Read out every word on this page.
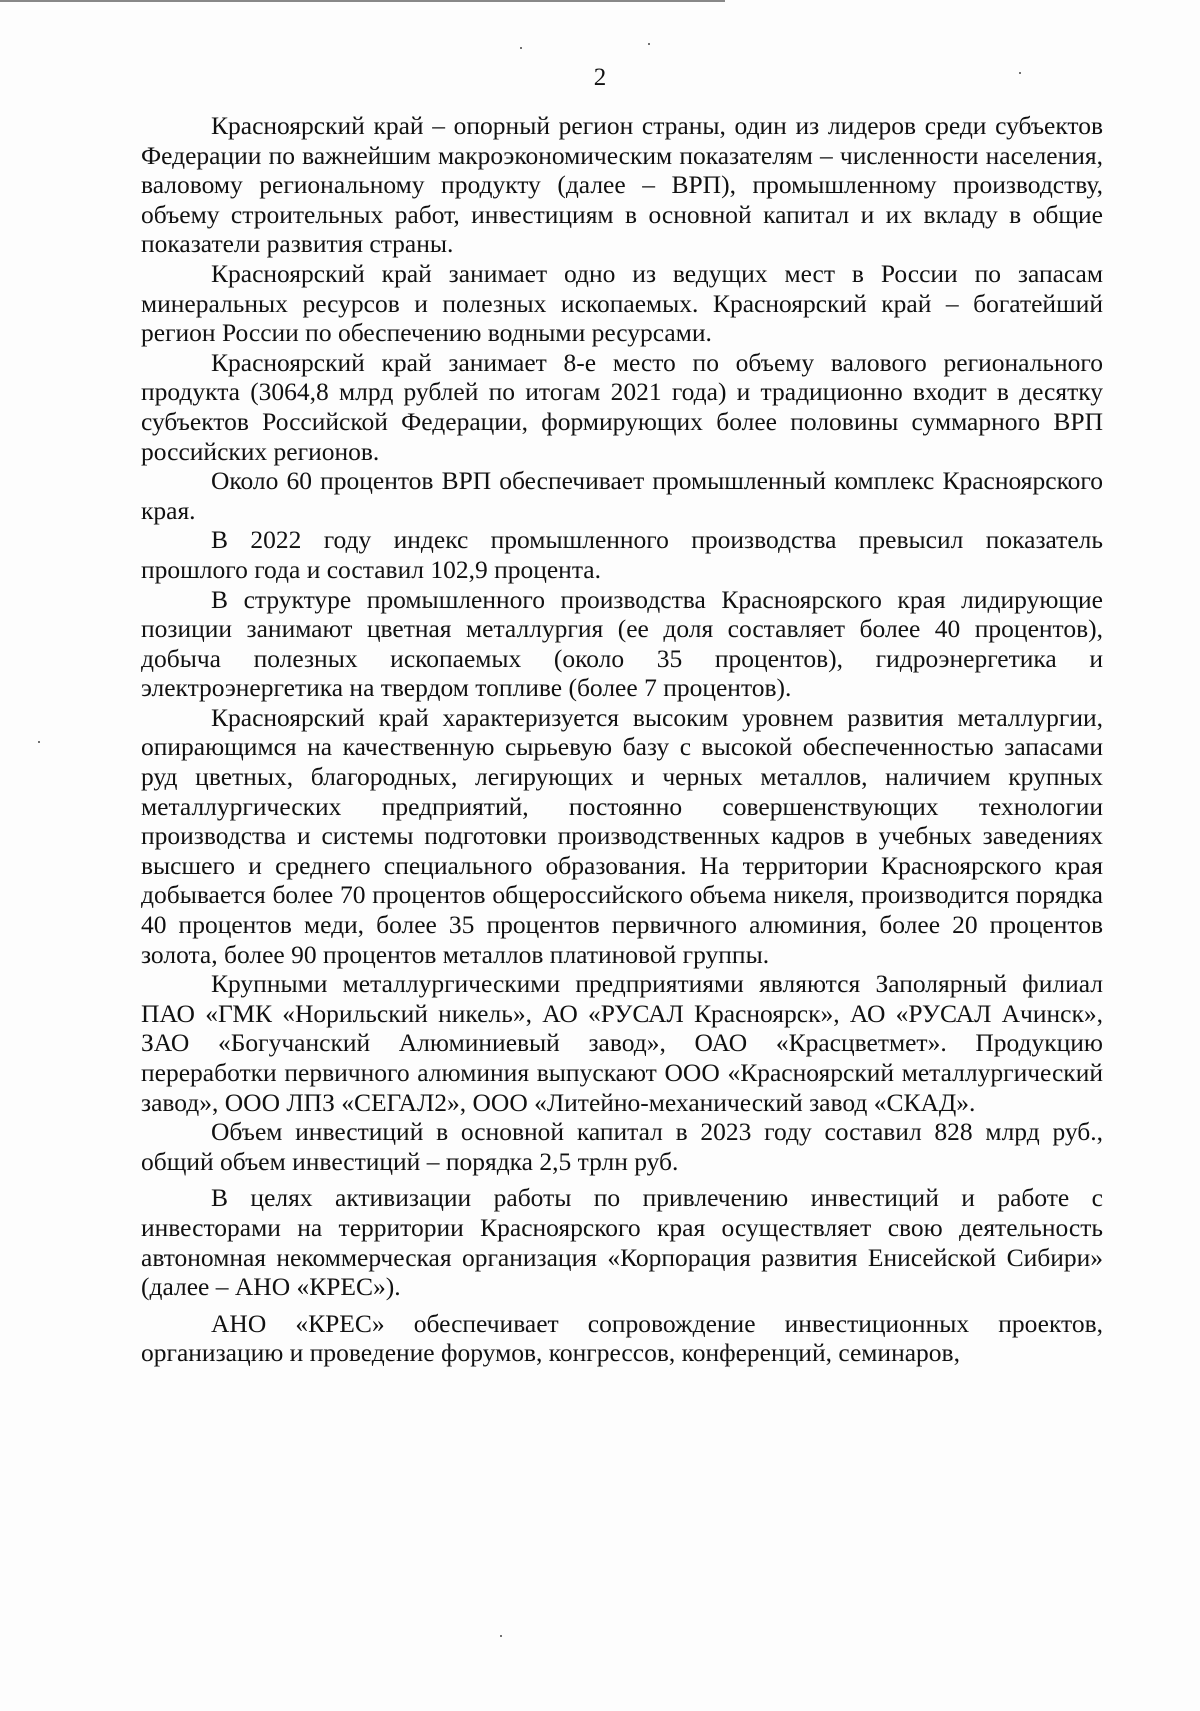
2

Красноярский край – опорный регион страны, один из лидеров среди субъектов Федерации по важнейшим макроэкономическим показателям – численности населения, валовому региональному продукту (далее – ВРП), промышленному производству, объему строительных работ, инвестициям в основной капитал и их вкладу в общие показатели развития страны.

Красноярский край занимает одно из ведущих мест в России по запасам минеральных ресурсов и полезных ископаемых. Красноярский край – богатейший регион России по обеспечению водными ресурсами.

Красноярский край занимает 8-е место по объему валового регионального продукта (3064,8 млрд рублей по итогам 2021 года) и традиционно входит в десятку субъектов Российской Федерации, формирующих более половины суммарного ВРП российских регионов.

Около 60 процентов ВРП обеспечивает промышленный комплекс Красноярского края.

В 2022 году индекс промышленного производства превысил показатель прошлого года и составил 102,9 процента.

В структуре промышленного производства Красноярского края лидирующие позиции занимают цветная металлургия (ее доля составляет более 40 процентов), добыча полезных ископаемых (около 35 процентов), гидроэнергетика и электроэнергетика на твердом топливе (более 7 процентов).

Красноярский край характеризуется высоким уровнем развития металлургии, опирающимся на качественную сырьевую базу с высокой обеспеченностью запасами руд цветных, благородных, легирующих и черных металлов, наличием крупных металлургических предприятий, постоянно совершенствующих технологии производства и системы подготовки производственных кадров в учебных заведениях высшего и среднего специального образования. На территории Красноярского края добывается более 70 процентов общероссийского объема никеля, производится порядка 40 процентов меди, более 35 процентов первичного алюминия, более 20 процентов золота, более 90 процентов металлов платиновой группы.

Крупными металлургическими предприятиями являются Заполярный филиал ПАО «ГМК «Норильский никель», АО «РУСАЛ Красноярск», АО «РУСАЛ Ачинск», ЗАО «Богучанский Алюминиевый завод», ОАО «Красцветмет». Продукцию переработки первичного алюминия выпускают ООО «Красноярский металлургический завод», ООО ЛПЗ «СЕГАЛ2», ООО «Литейно-механический завод «СКАД».

Объем инвестиций в основной капитал в 2023 году составил 828 млрд руб., общий объем инвестиций – порядка 2,5 трлн руб.

В целях активизации работы по привлечению инвестиций и работе с инвесторами на территории Красноярского края осуществляет свою деятельность автономная некоммерческая организация «Корпорация развития Енисейской Сибири» (далее – АНО «КРЕС»).

АНО «КРЕС» обеспечивает сопровождение инвестиционных проектов, организацию и проведение форумов, конгрессов, конференций, семинаров,
